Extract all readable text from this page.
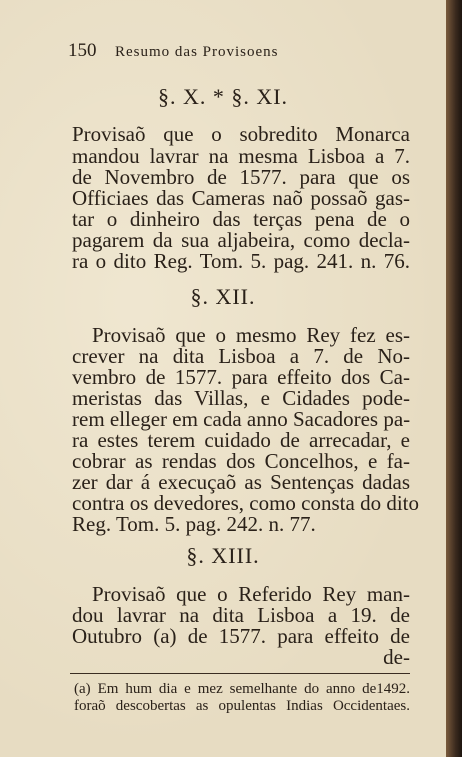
150 Resumo das Provisoens
§. X. * §. XI.
Provisaõ que o sobredito Monarca
mandou lavrar na mesma Lisboa a 7.
de Novembro de 1577. para que os
Officiaes das Cameras naõ possaõ gas-
tar o dinheiro das terças pena de o
pagarem da sua aljabeira, como decla-
ra o dito Reg. Tom. 5. pag. 241. n. 76.
§. XII.
Provisaõ que o mesmo Rey fez es-
crever na dita Lisboa a 7. de No-
vembro de 1577. para effeito dos Ca-
meristas das Villas, e Cidades pode-
rem elleger em cada anno Sacadores pa-
ra estes terem cuidado de arrecadar, e
cobrar as rendas dos Concelhos, e fa-
zer dar á execuçaõ as Sentenças dadas
contra os devedores, como consta do dito
Reg. Tom. 5. pag. 242. n. 77.
§. XIII.
Provisaõ que o Referido Rey man-
dou lavrar na dita Lisboa a 19. de
Outubro (a) de 1577. para effeito de
de-
(a) Em hum dia e mez semelhante do anno de1492.
foraõ descobertas as opulentas Indias Occidentaes.
